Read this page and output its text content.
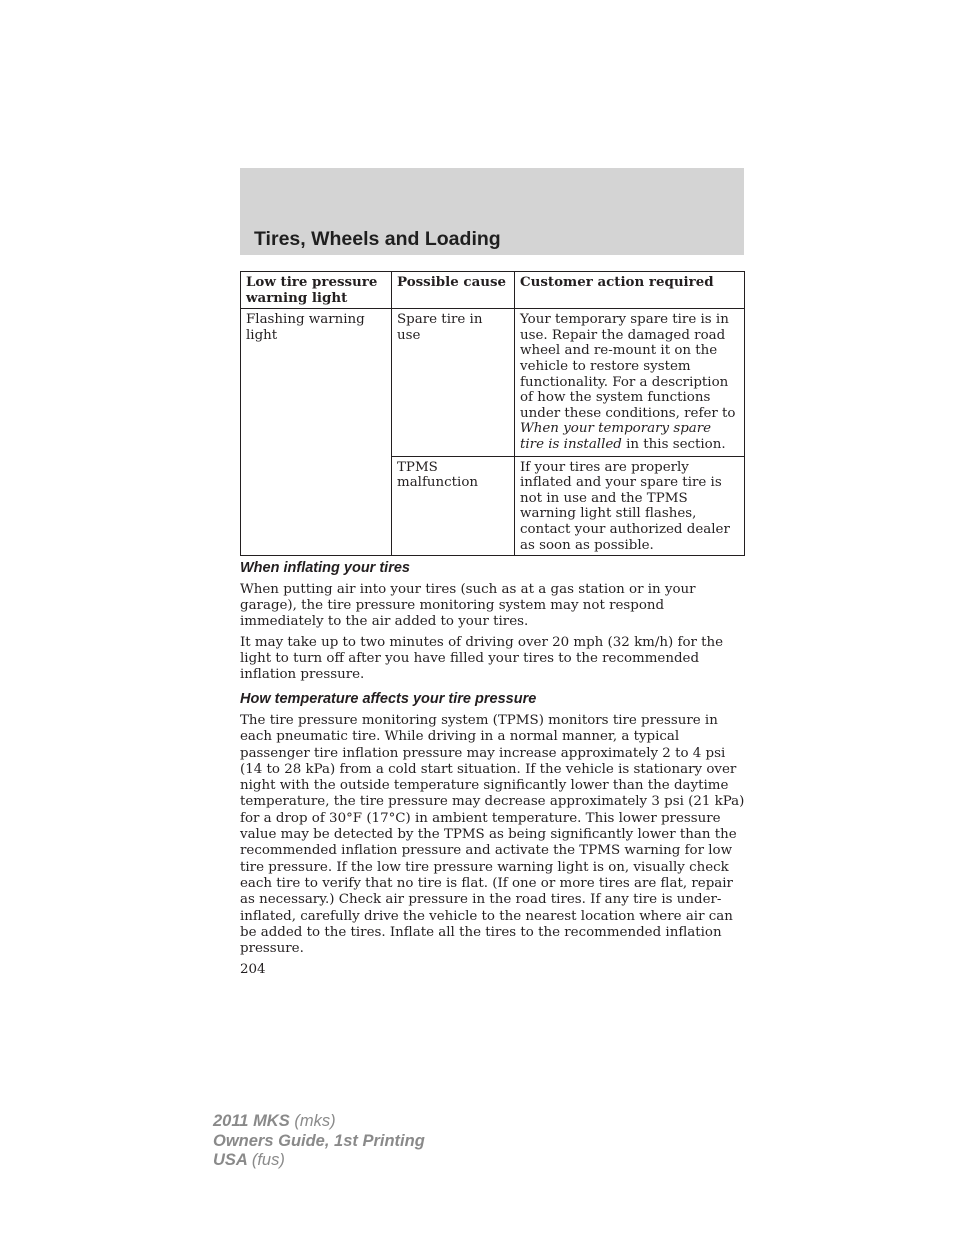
Tires, Wheels and Loading
Low tire pressure warning light	Possible cause	Customer action required
Flashing warning light	Spare tire in use	Your temporary spare tire is in use. Repair the damaged road wheel and re-mount it on the vehicle to restore system functionality. For a description of how the system functions under these conditions, refer to When your temporary spare tire is installed in this section.
	TPMS malfunction	If your tires are properly inflated and your spare tire is not in use and the TPMS warning light still flashes, contact your authorized dealer as soon as possible.
When inflating your tires

When putting air into your tires (such as at a gas station or in your garage), the tire pressure monitoring system may not respond immediately to the air added to your tires.

It may take up to two minutes of driving over 20 mph (32 km/h) for the light to turn off after you have filled your tires to the recommended inflation pressure.

How temperature affects your tire pressure

The tire pressure monitoring system (TPMS) monitors tire pressure in each pneumatic tire. While driving in a normal manner, a typical passenger tire inflation pressure may increase approximately 2 to 4 psi (14 to 28 kPa) from a cold start situation. If the vehicle is stationary over night with the outside temperature significantly lower than the daytime temperature, the tire pressure may decrease approximately 3 psi (21 kPa) for a drop of 30°F (17°C) in ambient temperature. This lower pressure value may be detected by the TPMS as being significantly lower than the recommended inflation pressure and activate the TPMS warning for low tire pressure. If the low tire pressure warning light is on, visually check each tire to verify that no tire is flat. (If one or more tires are flat, repair as necessary.) Check air pressure in the road tires. If any tire is under-inflated, carefully drive the vehicle to the nearest location where air can be added to the tires. Inflate all the tires to the recommended inflation pressure.

204

2011 MKS (mks)
Owners Guide, 1st Printing
USA (fus)
